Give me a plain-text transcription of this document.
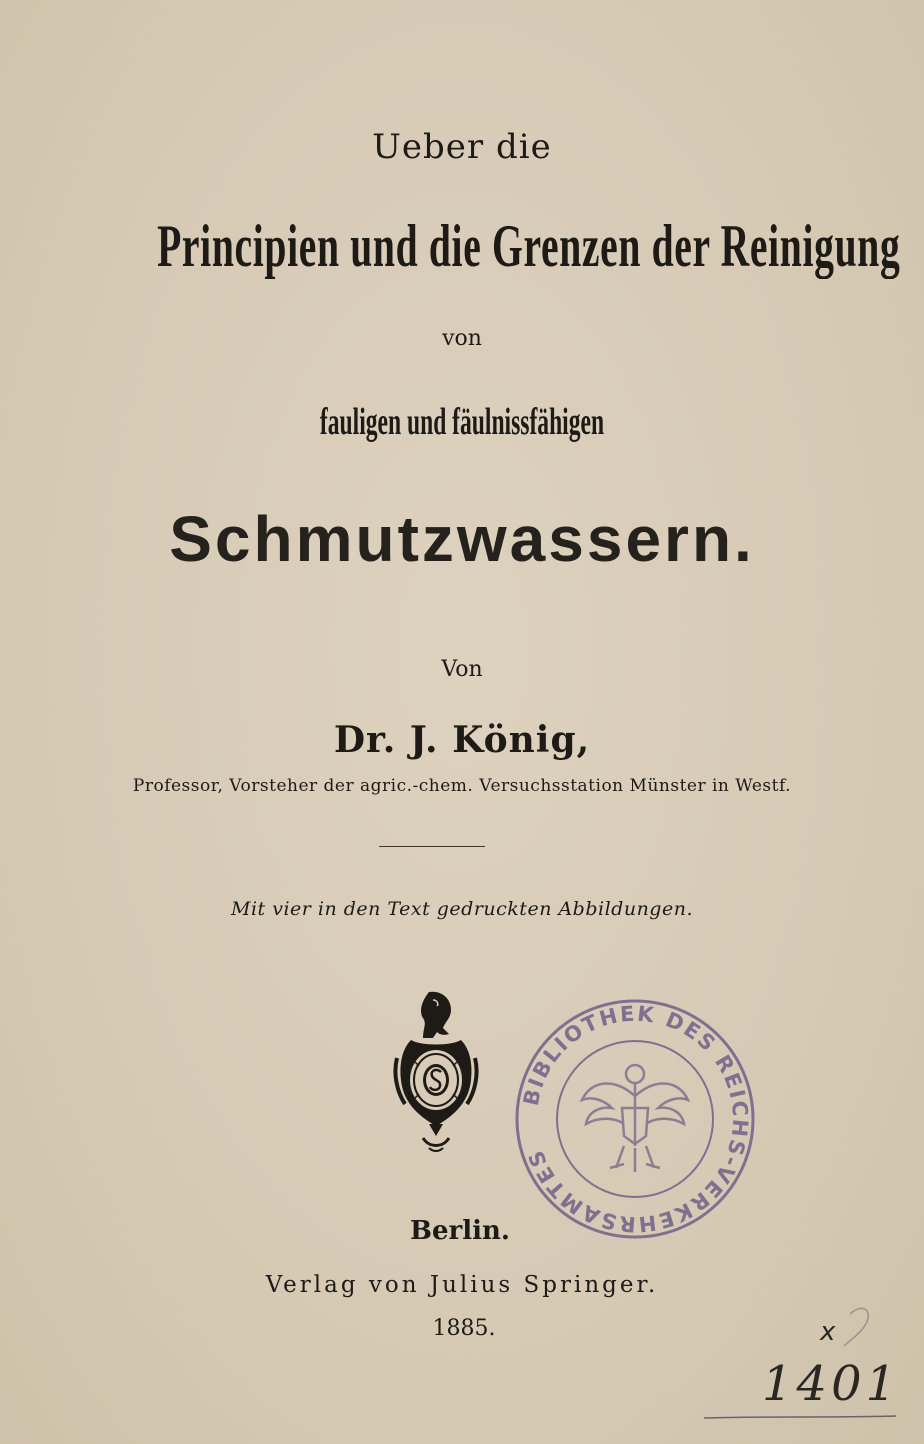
Ueber die
Principien und die Grenzen der Reinigung
von
fauligen und fäulnissfähigen
Schmutzwassern.
Von
Dr. J. König,
Professor, Vorsteher der agric.-chem. Versuchsstation Münster in Westf.
Mit vier in den Text gedruckten Abbildungen.
BIBLIOTHEK DES REICHS-VERKEHRSAMTES
Berlin.
Verlag von Julius Springer.
1885.	x
1401
